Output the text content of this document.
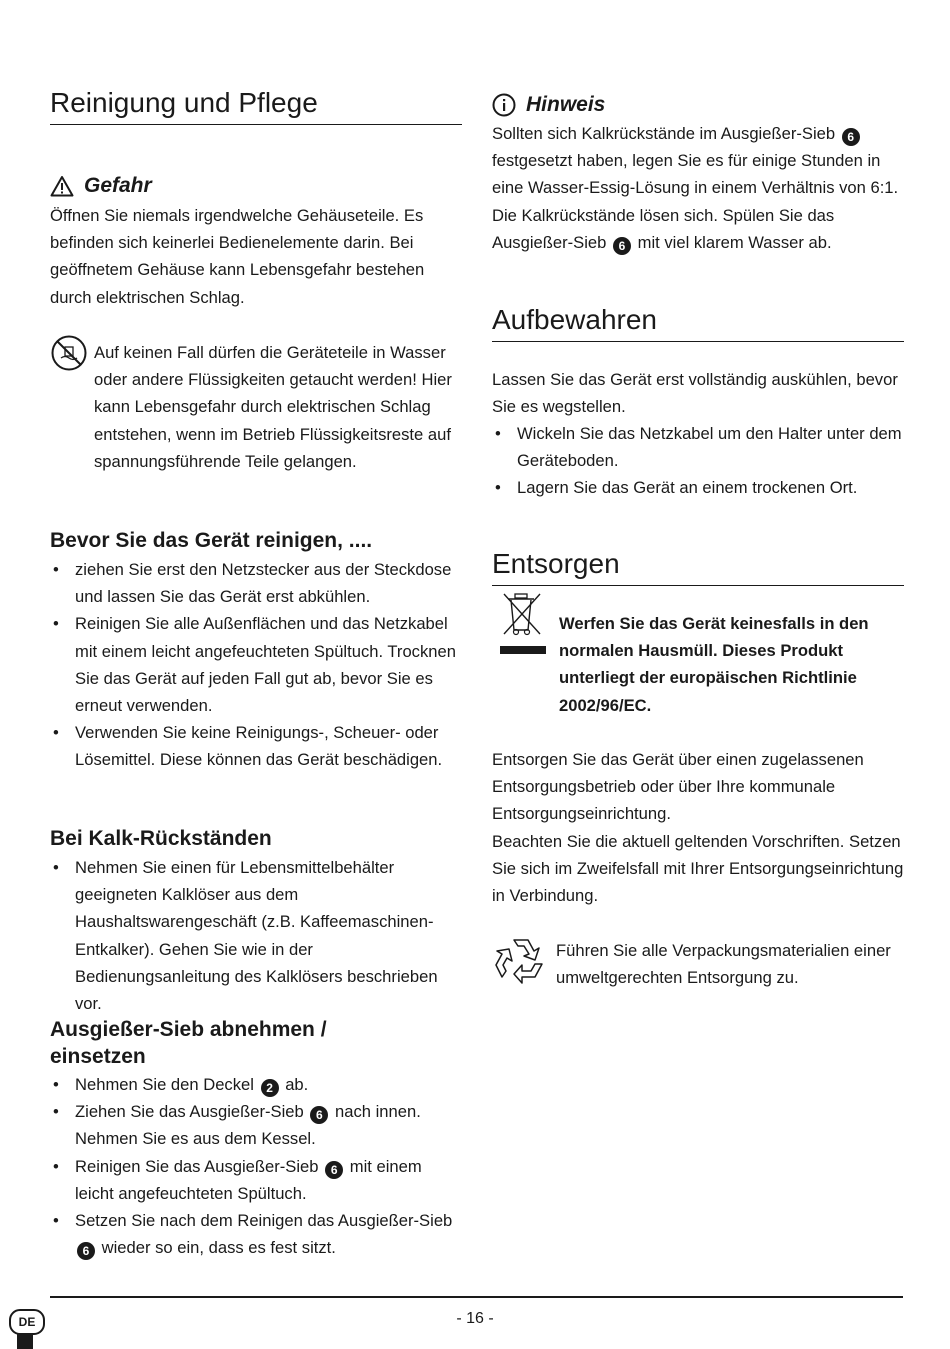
Reinigung und Pflege
Gefahr
Öffnen Sie niemals irgendwelche Gehäuseteile. Es befinden sich keinerlei Bedienelemente darin. Bei geöffnetem Gehäuse kann Lebensgefahr bestehen durch elektrischen Schlag.
Auf keinen Fall dürfen die Geräteteile in Wasser oder andere Flüssigkeiten getaucht werden! Hier kann Lebensgefahr durch elektrischen Schlag entstehen, wenn im Betrieb Flüssigkeitsreste auf spannungsführende Teile gelangen.
Bevor Sie das Gerät reinigen, ....
• ziehen Sie erst den Netzstecker aus der Steckdose und lassen Sie das Gerät erst abkühlen.
• Reinigen Sie alle Außenflächen und das Netzkabel mit einem leicht angefeuchteten Spültuch. Trocknen Sie das Gerät auf jeden Fall gut ab, bevor Sie es erneut verwenden.
• Verwenden Sie keine Reinigungs-, Scheuer- oder Lösemittel. Diese können das Gerät beschädigen.
Bei Kalk-Rückständen
• Nehmen Sie einen für Lebensmittelbehälter geeigneten Kalklöser aus dem Haushaltswarengeschäft (z.B. Kaffeemaschinen-Entkalker). Gehen Sie wie in der Bedienungsanleitung des Kalklösers beschrieben vor.
Ausgießer-Sieb abnehmen /
einsetzen
• Nehmen Sie den Deckel 2 ab.
• Ziehen Sie das Ausgießer-Sieb 6 nach innen. Nehmen Sie es aus dem Kessel.
• Reinigen Sie das Ausgießer-Sieb 6 mit einem leicht angefeuchteten Spültuch.
• Setzen Sie nach dem Reinigen das Ausgießer-Sieb 6 wieder so ein, dass es fest sitzt.
Hinweis
Sollten sich Kalkrückstände im Ausgießer-Sieb 6 festgesetzt haben, legen Sie es für einige Stunden in eine Wasser-Essig-Lösung in einem Verhältnis von 6:1. Die Kalkrückstände lösen sich. Spülen Sie das Ausgießer-Sieb 6 mit viel klarem Wasser ab.
Aufbewahren
Lassen Sie das Gerät erst vollständig auskühlen, bevor Sie es wegstellen.
• Wickeln Sie das Netzkabel um den Halter unter dem Geräteboden.
• Lagern Sie das Gerät an einem trockenen Ort.
Entsorgen
Werfen Sie das Gerät keinesfalls in den normalen Hausmüll. Dieses Produkt unterliegt der europäischen Richtlinie 2002/96/EC.
Entsorgen Sie das Gerät über einen zugelassenen Entsorgungsbetrieb oder über Ihre kommunale Entsorgungseinrichtung.
Beachten Sie die aktuell geltenden Vorschriften. Setzen Sie sich im Zweifelsfall mit Ihrer Entsorgungseinrichtung in Verbindung.
Führen Sie alle Verpackungsmaterialien einer umweltgerechten Entsorgung zu.
- 16 -
DE
